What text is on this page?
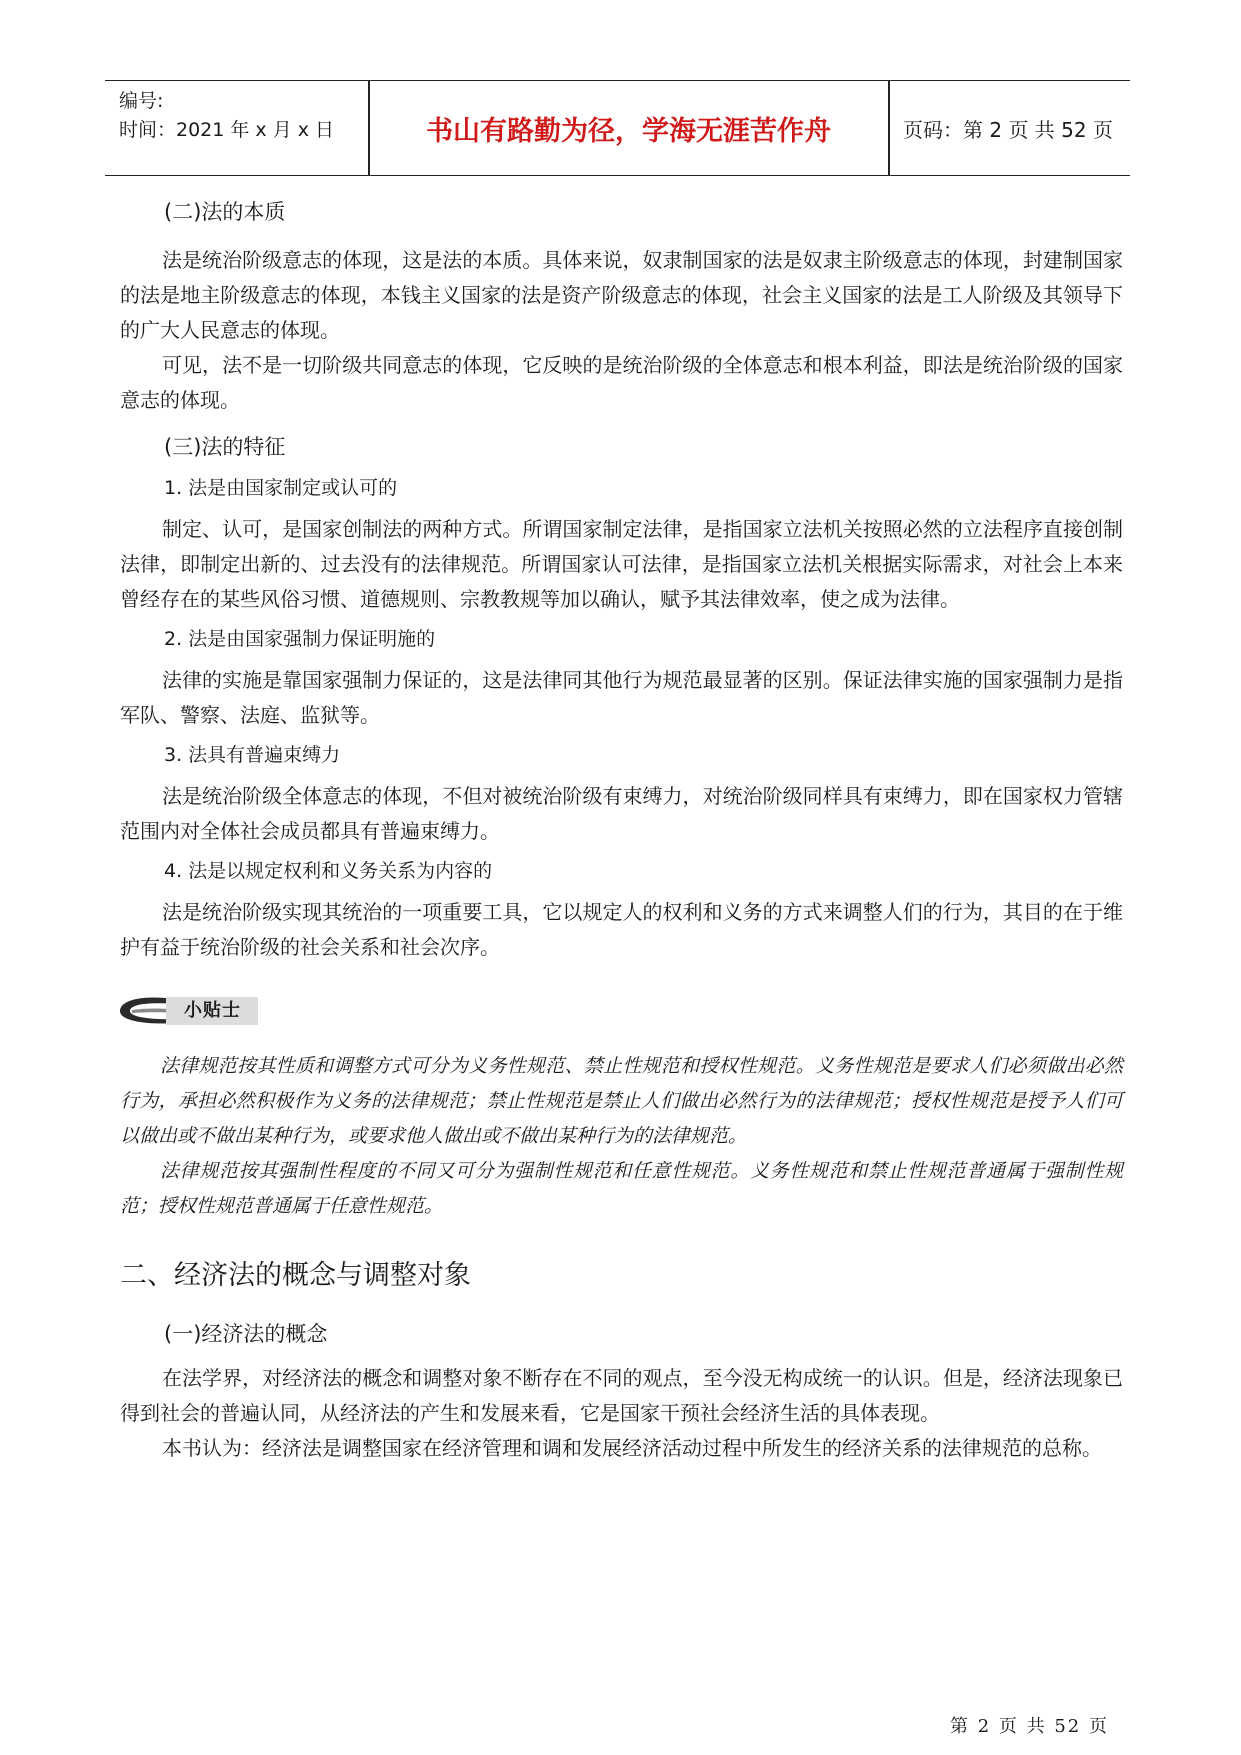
编号:
时间：2021 年 x 月 x 日	书山有路勤为径，学海无涯苦作舟	页码：第 2 页 共 52 页
(二)法的本质

法是统治阶级意志的体现，这是法的本质。具体来说，奴隶制国家的法是奴隶主阶级意志的体现，封建制国家的法是地主阶级意志的体现，本钱主义国家的法是资产阶级意志的体现，社会主义国家的法是工人阶级及其领导下的广大人民意志的体现。

可见，法不是一切阶级共同意志的体现，它反映的是统治阶级的全体意志和根本利益，即法是统治阶级的国家意志的体现。

(三)法的特征
1. 法是由国家制定或认可的

制定、认可，是国家创制法的两种方式。所谓国家制定法律，是指国家立法机关按照必然的立法程序直接创制法律，即制定出新的、过去没有的法律规范。所谓国家认可法律，是指国家立法机关根据实际需求，对社会上本来曾经存在的某些风俗习惯、道德规则、宗教教规等加以确认，赋予其法律效率，使之成为法律。

2. 法是由国家强制力保证明施的

法律的实施是靠国家强制力保证的，这是法律同其他行为规范最显著的区别。保证法律实施的国家强制力是指军队、警察、法庭、监狱等。

3. 法具有普遍束缚力

法是统治阶级全体意志的体现，不但对被统治阶级有束缚力，对统治阶级同样具有束缚力，即在国家权力管辖范围内对全体社会成员都具有普遍束缚力。

4. 法是以规定权利和义务关系为内容的

法是统治阶级实现其统治的一项重要工具，它以规定人的权利和义务的方式来调整人们的行为，其目的在于维护有益于统治阶级的社会关系和社会次序。

小贴士

法律规范按其性质和调整方式可分为义务性规范、禁止性规范和授权性规范。义务性规范是要求人们必须做出必然行为，承担必然积极作为义务的法律规范；禁止性规范是禁止人们做出必然行为的法律规范；授权性规范是授予人们可以做出或不做出某种行为，或要求他人做出或不做出某种行为的法律规范。

法律规范按其强制性程度的不同又可分为强制性规范和任意性规范。义务性规范和禁止性规范普通属于强制性规范；授权性规范普通属于任意性规范。

二、经济法的概念与调整对象
(一)经济法的概念

在法学界，对经济法的概念和调整对象不断存在不同的观点，至今没无构成统一的认识。但是，经济法现象已得到社会的普遍认同，从经济法的产生和发展来看，它是国家干预社会经济生活的具体表现。

本书认为：经济法是调整国家在经济管理和调和发展经济活动过程中所发生的经济关系的法律规范的总称。

第 2 页 共 52 页
